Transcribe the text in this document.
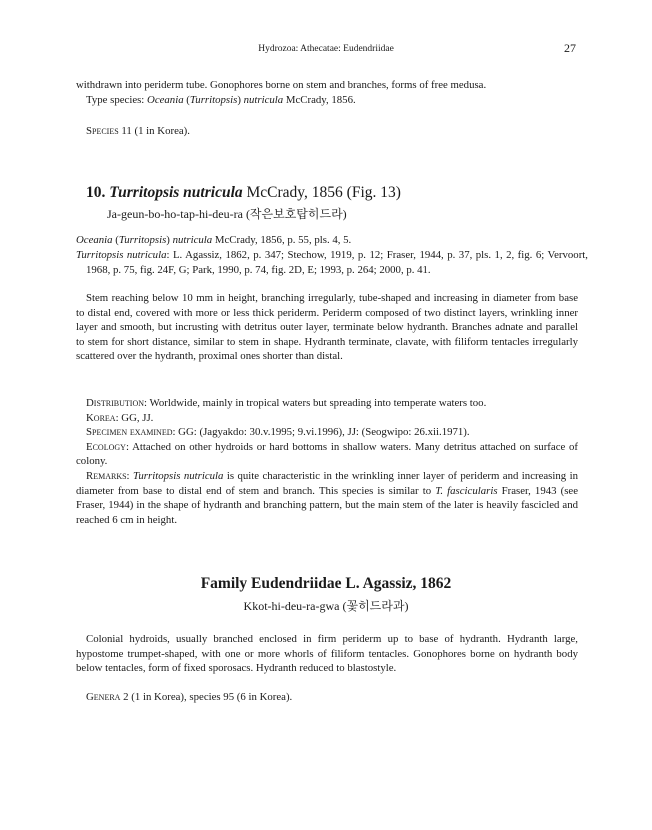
Hydrozoa: Athecatae: Eudendriidae	27
withdrawn into periderm tube. Gonophores borne on stem and branches, forms of free medusa.
Type species: Oceania (Turritopsis) nutricula McCrady, 1856.
Species 11 (1 in Korea).
10. Turritopsis nutricula McCrady, 1856 (Fig. 13)
Ja-geun-bo-ho-tap-hi-deu-ra (작은보호탑히드라)
Oceania (Turritopsis) nutricula McCrady, 1856, p. 55, pls. 4, 5.
Turritopsis nutricula: L. Agassiz, 1862, p. 347; Stechow, 1919, p. 12; Fraser, 1944, p. 37, pls. 1, 2, fig. 6; Vervoort, 1968, p. 75, fig. 24F, G; Park, 1990, p. 74, fig. 2D, E; 1993, p. 264; 2000, p. 41.
Stem reaching below 10 mm in height, branching irregularly, tube-shaped and increasing in diameter from base to distal end, covered with more or less thick periderm. Periderm composed of two distinct layers, wrinkling inner layer and smooth, but incrusting with detritus outer layer, terminate below hydranth. Branches adnate and parallel to stem for short distance, similar to stem in shape. Hydranth terminate, clavate, with filiform tentacles irregularly scattered over the hydranth, proximal ones shorter than distal.
Distribution: Worldwide, mainly in tropical waters but spreading into temperate waters too.
Korea: GG, JJ.
Specimen examined: GG: (Jagyakdo: 30.v.1995; 9.vi.1996), JJ: (Seogwipo: 26.xii.1971).
Ecology: Attached on other hydroids or hard bottoms in shallow waters. Many detritus attached on surface of colony.
Remarks: Turritopsis nutricula is quite characteristic in the wrinkling inner layer of periderm and increasing in diameter from base to distal end of stem and branch. This species is similar to T. fascicularis Fraser, 1943 (see Fraser, 1944) in the shape of hydranth and branching pattern, but the main stem of the later is heavily fascicled and reached 6 cm in height.
Family Eudendriidae L. Agassiz, 1862
Kkot-hi-deu-ra-gwa (꽃히드라과)
Colonial hydroids, usually branched enclosed in firm periderm up to base of hydranth. Hydranth large, hypostome trumpet-shaped, with one or more whorls of filiform tentacles. Gonophores borne on hydranth body below tentacles, form of fixed sporosacs. Hydranth reduced to blastostyle.
Genera 2 (1 in Korea), species 95 (6 in Korea).
